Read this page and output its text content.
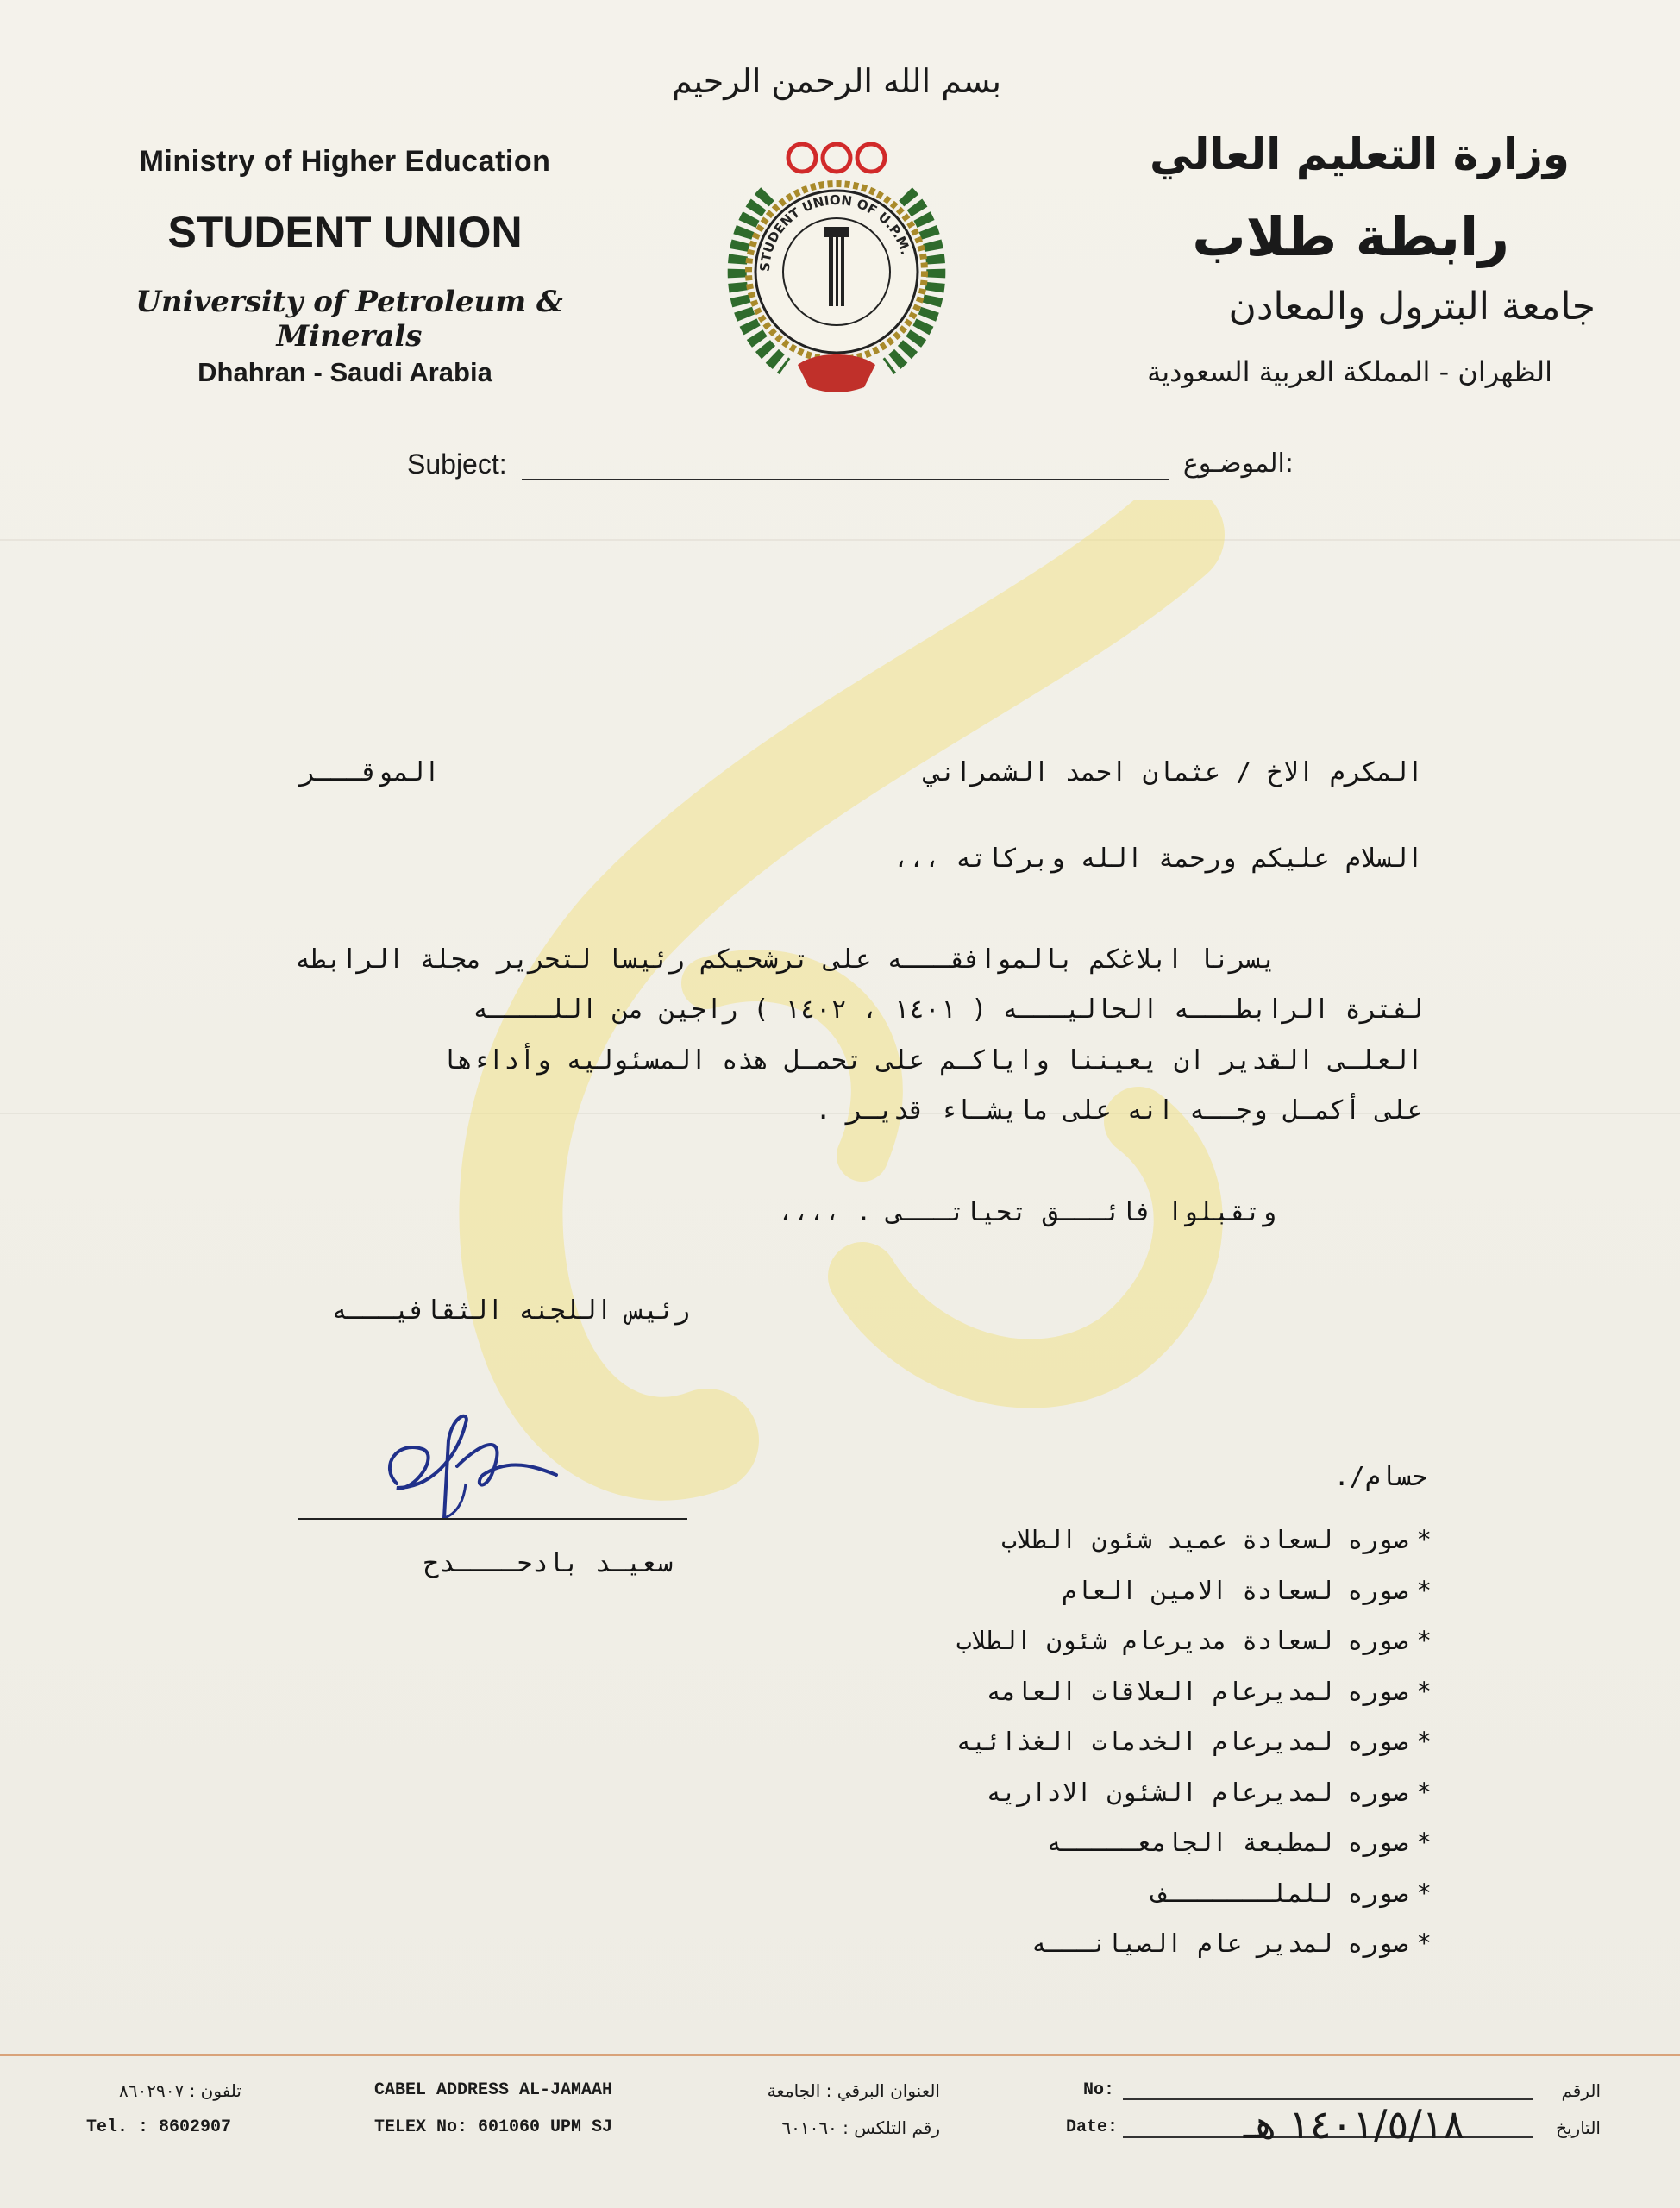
Ministry of Higher Education
STUDENT UNION
University of Petroleum & Minerals
Dhahran - Saudi Arabia
بسم الله الرحمن الرحيم
STUDENT UNION OF U.P.M.
وزارة التعليم العالي
رابطة طلاب
جامعة البترول والمعادن
الظهران - المملكة العربية السعودية
Subject:	:الموضـوع
المكرم الاخ / عثمان احمد الشمراني
الموقـــر
السلام عليكم ورحمة الله وبركاته ،،،
يسرنا ابلاغكم بالموافقـــه على ترشحيكم رئيسا لتحرير مجلة الرابطه
لفترة الرابطـــه الحاليـــه ( ١٤٠١ ، ١٤٠٢ ) راجين من اللــــه
العلـى القدير ان يعيننا واياكـم على تحمـل هذه المسئوليه وأداءها
على أكمـل وجــه انه على مايشـاء قديـر .
وتقبلوا فائـــق تحياتـــى . ،،،،
رئيس اللجنه الثقافيـــه
سعيـد بادحــــدح
حسام/.
*صوره لسعادة عميد شئون الطلاب
*صوره لسعادة الامين العام
*صوره لسعادة مديرعام شئون الطلاب
*صوره لمديرعام العلاقات العامه
*صوره لمديرعام الخدمات الغذائيه
*صوره لمديرعام الشئون الاداريه
*صوره لمطبعة الجامعـــــه
*صوره للملـــــــف
*صوره لمدير عام الصيانـــه
تلفون : ٨٦٠٢٩٠٧
Tel. : 8602907
CABEL ADDRESS AL-JAMAAH
TELEX No: 601060 UPM SJ
العنوان البرقي : الجامعة
رقم التلكس : ٦٠١٠٦٠
No:	الرقم
Date:	١٤٠١/٥/١٨ هـ	التاريخ
